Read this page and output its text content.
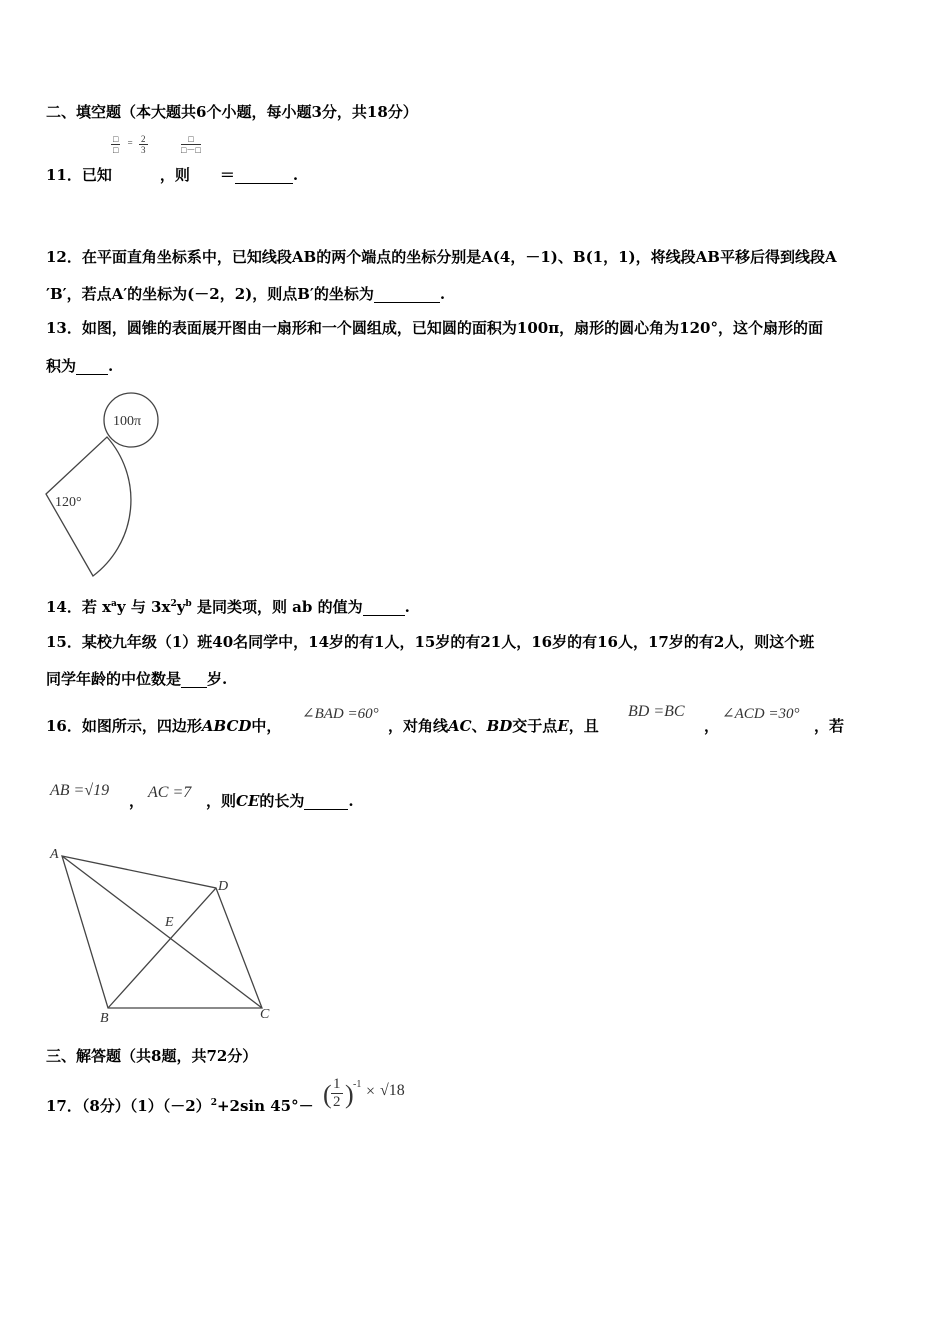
二、填空题（本大题共6个小题，每小题3分，共18分）
□
□
= $\frac{2}{3}$	□
□－□
11．已知	，则 ＝	.
12．在平面直角坐标系中，已知线段AB的两个端点的坐标分别是A(4，－1)、B(1，1)，将线段AB平移后得到线段A
′B′，若点A′的坐标为(－2，2)，则点B′的坐标为	.
13．如图，圆锥的表面展开图由一扇形和一个圆组成，已知圆的面积为100π，扇形的圆心角为120°，这个扇形的面
积为 .
100π
120°
14．若 $x^ay$ 与 $3x^2y^b$ 是同类项，则 ab 的值为	.
15．某校九年级（1）班40名同学中，14岁的有1人，15岁的有21人，16岁的有16人，17岁的有2人，则这个班
同学年龄的中位数是 岁.
16．如图所示，四边形ABCD中，
∠BAD =60°
，对角线AC、BD交于点E，且
BD =BC
，
∠ACD =30°
，若
AB =√19
， AC =7 ，则CE的长为	.
A
D
E
B	C
三、解答题（共8题，共72分）
17．（8分）$(1)(-2)^2+2\sin$ 45°－ ( $\frac{1}{2}$ ) -1 × √18
